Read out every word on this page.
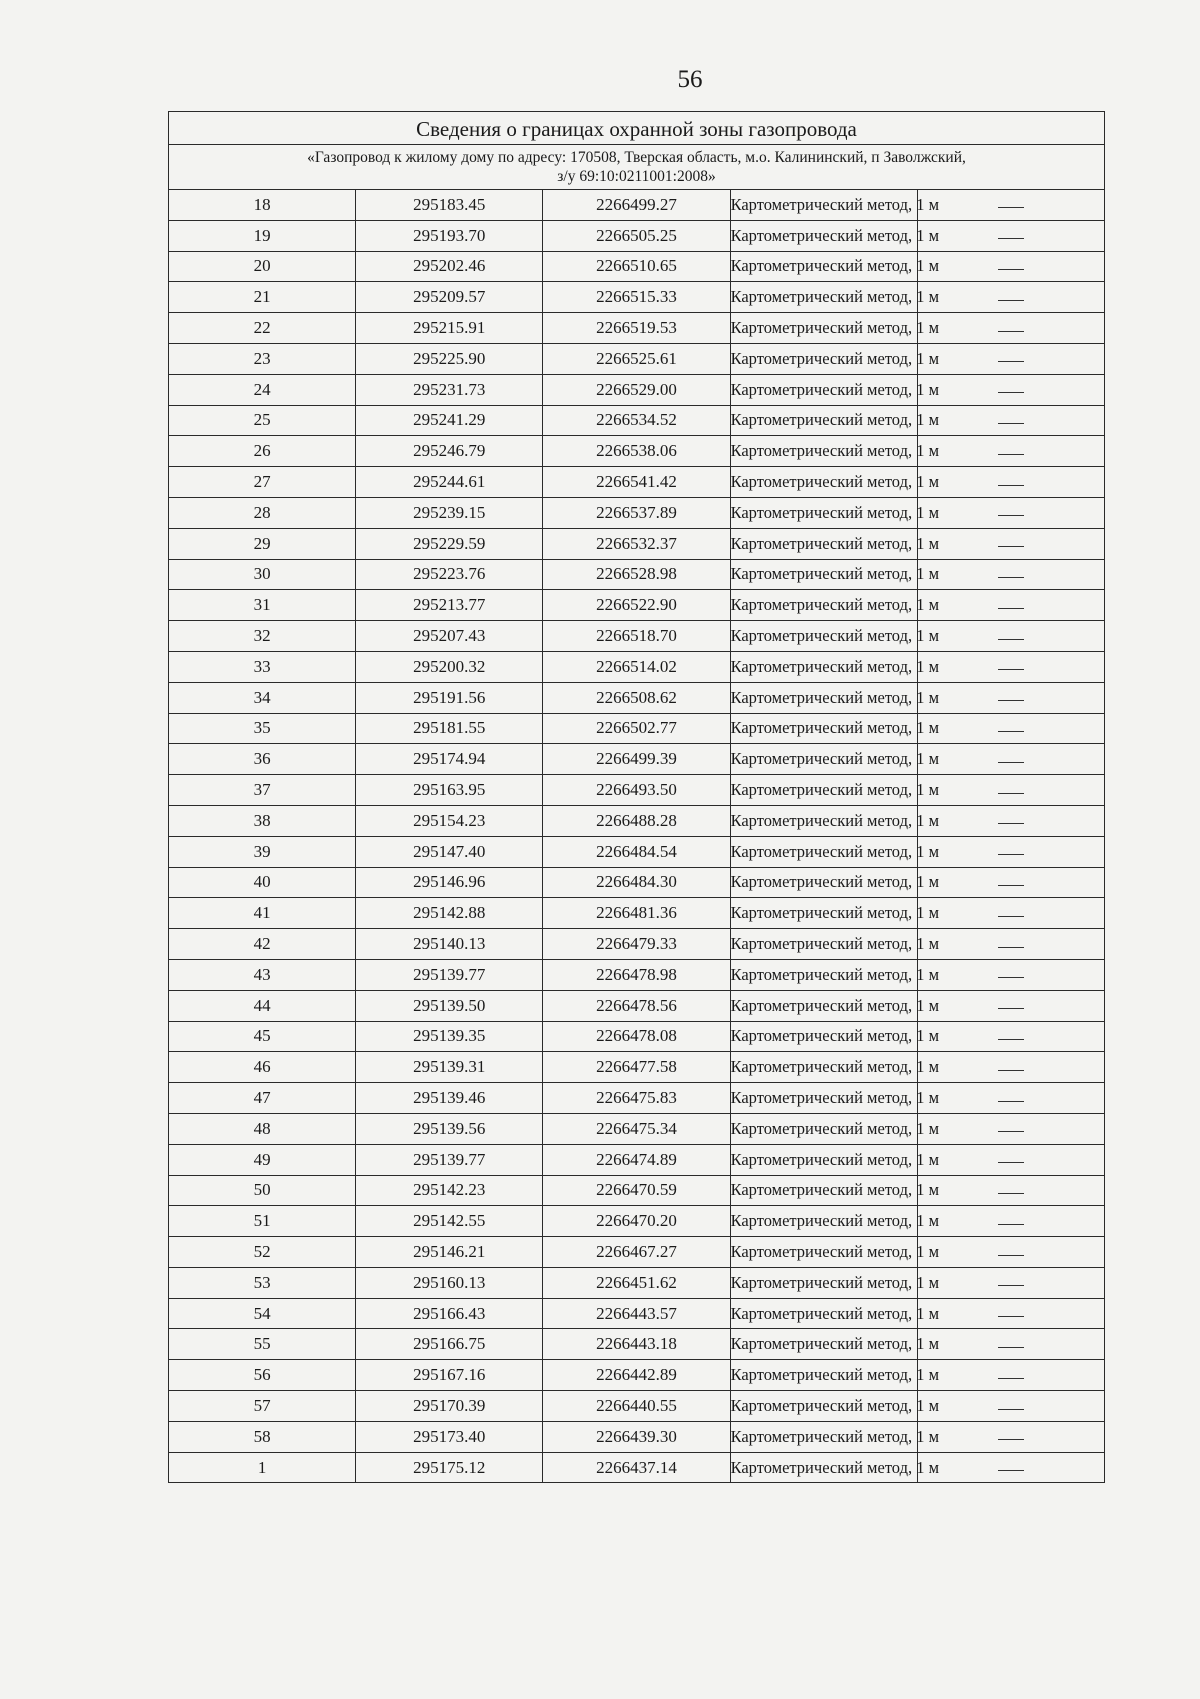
56
Сведения о границах охранной зоны газопровода				

«Газопровод к жилому дому по адресу: 170508, Тверская область, м.о. Калининский, п Заволжский,
з/у 69:10:0211001:2008»				

18	295183.45	2266499.27	Картометрический метод, 1 м	
19	295193.70	2266505.25	Картометрический метод, 1 м	
20	295202.46	2266510.65	Картометрический метод, 1 м	
21	295209.57	2266515.33	Картометрический метод, 1 м	
22	295215.91	2266519.53	Картометрический метод, 1 м	
23	295225.90	2266525.61	Картометрический метод, 1 м	
24	295231.73	2266529.00	Картометрический метод, 1 м	
25	295241.29	2266534.52	Картометрический метод, 1 м	
26	295246.79	2266538.06	Картометрический метод, 1 м	
27	295244.61	2266541.42	Картометрический метод, 1 м	
28	295239.15	2266537.89	Картометрический метод, 1 м	
29	295229.59	2266532.37	Картометрический метод, 1 м	
30	295223.76	2266528.98	Картометрический метод, 1 м	
31	295213.77	2266522.90	Картометрический метод, 1 м	
32	295207.43	2266518.70	Картометрический метод, 1 м	
33	295200.32	2266514.02	Картометрический метод, 1 м	
34	295191.56	2266508.62	Картометрический метод, 1 м	
35	295181.55	2266502.77	Картометрический метод, 1 м	
36	295174.94	2266499.39	Картометрический метод, 1 м	
37	295163.95	2266493.50	Картометрический метод, 1 м	
38	295154.23	2266488.28	Картометрический метод, 1 м	
39	295147.40	2266484.54	Картометрический метод, 1 м	
40	295146.96	2266484.30	Картометрический метод, 1 м	
41	295142.88	2266481.36	Картометрический метод, 1 м	
42	295140.13	2266479.33	Картометрический метод, 1 м	
43	295139.77	2266478.98	Картометрический метод, 1 м	
44	295139.50	2266478.56	Картометрический метод, 1 м	
45	295139.35	2266478.08	Картометрический метод, 1 м	
46	295139.31	2266477.58	Картометрический метод, 1 м	
47	295139.46	2266475.83	Картометрический метод, 1 м	
48	295139.56	2266475.34	Картометрический метод, 1 м	
49	295139.77	2266474.89	Картометрический метод, 1 м	
50	295142.23	2266470.59	Картометрический метод, 1 м	
51	295142.55	2266470.20	Картометрический метод, 1 м	
52	295146.21	2266467.27	Картометрический метод, 1 м	
53	295160.13	2266451.62	Картометрический метод, 1 м	
54	295166.43	2266443.57	Картометрический метод, 1 м	
55	295166.75	2266443.18	Картометрический метод, 1 м	
56	295167.16	2266442.89	Картометрический метод, 1 м	
57	295170.39	2266440.55	Картометрический метод, 1 м	
58	295173.40	2266439.30	Картометрический метод, 1 м	
1	295175.12	2266437.14	Картометрический метод, 1 м	
